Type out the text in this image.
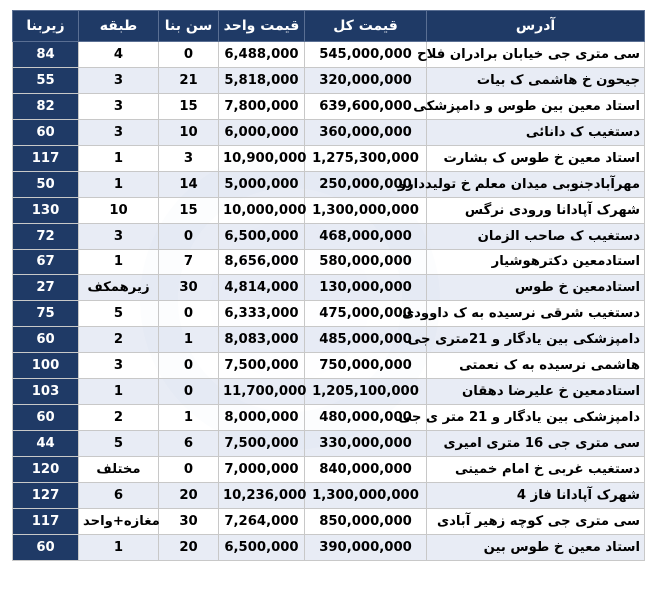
آدرس	قیمت کل	قیمت واحد	سن بنا	طبقه	زیربنا
سی متری جی خیابان برادران فلاح	545,000,000	6,488,000	0	4	84
جیحون خ هاشمی ک بیات	320,000,000	5,818,000	21	3	55
استاد معین بین طوس و دامپزشکی	639,600,000	7,800,000	15	3	82
دستغیب ک دانائی	360,000,000	6,000,000	10	3	60
استاد معین خ طوس ک بشارت	1,275,300,000	10,900,000	3	1	117
مهرآبادجنوبی میدان معلم خ تولیددارو	250,000,000	5,000,000	14	1	50
شهرک آپادانا ورودی نرگس	1,300,000,000	10,000,000	15	10	130
دستغیب ک صاحب الزمان	468,000,000	6,500,000	0	3	72
استادمعین دکترهوشیار	580,000,000	8,656,000	7	1	67
استادمعین خ طوس	130,000,000	4,814,000	30	زیرهمکف	27
دستغیب شرقی نرسیده به ک داوودی	475,000,000	6,333,000	0	5	75
دامپزشکی بین یادگار و 21متری جی	485,000,000	8,083,000	1	2	60
هاشمی نرسیده به ک نعمتی	750,000,000	7,500,000	0	3	100
استادمعین خ علیرضا دهقان	1,205,100,000	11,700,000	0	1	103
دامپزشکی بین یادگار و 21 متر ی جی	480,000,000	8,000,000	1	2	60
سی متری جی 16 متری امیری	330,000,000	7,500,000	6	5	44
دستغیب غربی خ امام خمینی	840,000,000	7,000,000	0	مختلف	120
شهرک آپادانا فاز 4	1,300,000,000	10,236,000	20	6	127
سی متری جی کوچه زهیر آبادی	850,000,000	7,264,000	30	مغازه+واحد	117
استاد معین خ طوس بین	390,000,000	6,500,000	20	1	60
